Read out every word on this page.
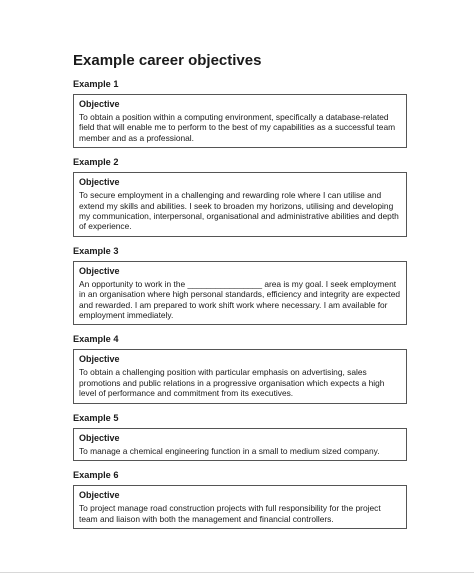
Example career objectives
Example 1
Objective

To obtain a position within a computing environment, specifically a database-related field that will enable me to perform to the best of my capabilities as a successful team member and as a professional.

Example 2
Objective

To secure employment in a challenging and rewarding role where I can utilise and extend my skills and abilities. I seek to broaden my horizons, utilising and developing my communication, interpersonal, organisational and administrative abilities and depth of experience.

Example 3
Objective

An opportunity to work in the ________________ area is my goal. I seek employment in an organisation where high personal standards, efficiency and integrity are expected and rewarded. I am prepared to work shift work where necessary. I am available for employment immediately.

Example 4
Objective

To obtain a challenging position with particular emphasis on advertising, sales promotions and public relations in a progressive organisation which expects a high level of performance and commitment from its executives.

Example 5
Objective

To manage a chemical engineering function in a small to medium sized company.

Example 6
Objective

To project manage road construction projects with full responsibility for the project team and liaison with both the management and financial controllers.
